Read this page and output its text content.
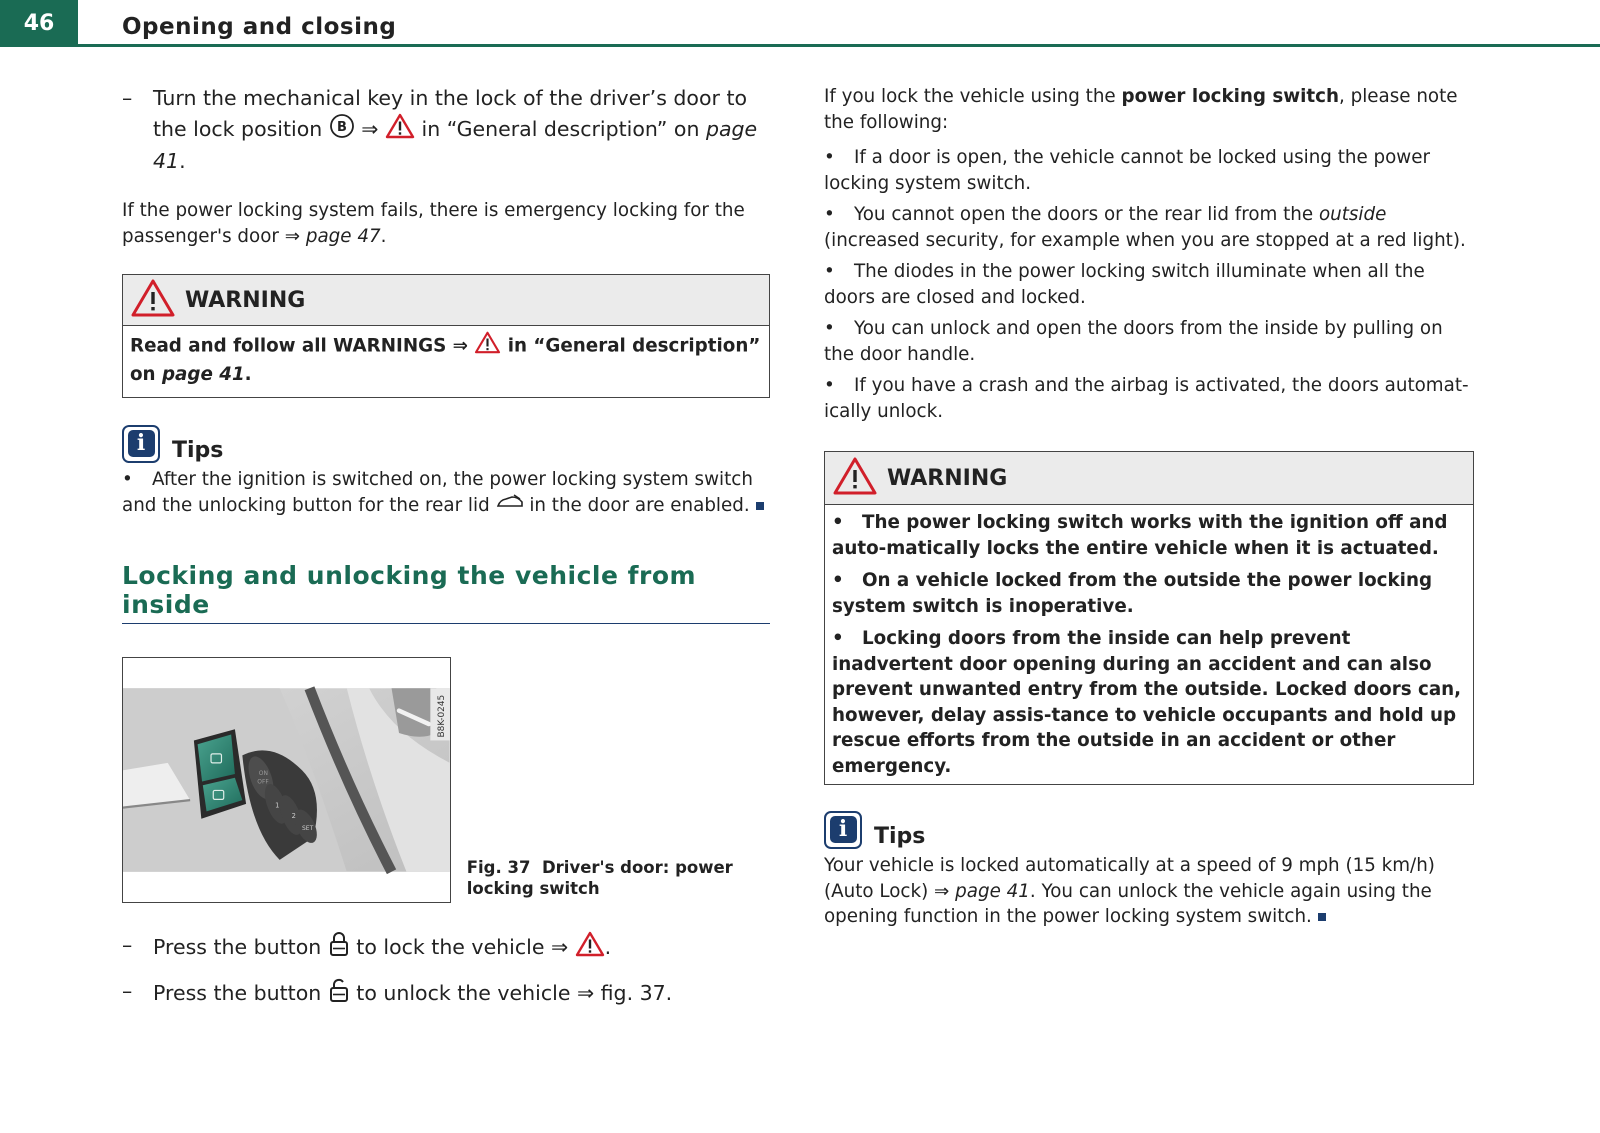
46	Opening and closing
– Turn the mechanical key in the lock of the driver’s door to the lock position B ⇒  in “General description” on page 41.
If the power locking system fails, there is emergency locking for the passenger's door ⇒ page 47.
WARNING

Read and follow all WARNINGS ⇒  in “General description” on page 41.

i	Tips
• After the ignition is switched on, the power locking system switch and the unlocking button for the rear lid  in the door are enabled.
Locking and unlocking the vehicle from inside
ON
OFF
1
2
SET
B8K-0245
Fig. 37 Driver's door: power locking switch
– Press the button  to lock the vehicle ⇒ .
– Press the button  to unlock the vehicle ⇒ fig. 37.
If you lock the vehicle using the power locking switch, please note the following:
• If a door is open, the vehicle cannot be locked using the power locking system switch.
• You cannot open the doors or the rear lid from the outside (increased security, for example when you are stopped at a red light).
• The diodes in the power locking switch illuminate when all the doors are closed and locked.
• You can unlock and open the doors from the inside by pulling on the door handle.
• If you have a crash and the airbag is activated, the doors automat-ically unlock.
WARNING

• The power locking switch works with the ignition off and auto-matically locks the entire vehicle when it is actuated.

• On a vehicle locked from the outside the power locking system switch is inoperative.

• Locking doors from the inside can help prevent inadvertent door opening during an accident and can also prevent unwanted entry from the outside. Locked doors can, however, delay assis-tance to vehicle occupants and hold up rescue efforts from the outside in an accident or other emergency.

i	Tips
Your vehicle is locked automatically at a speed of 9 mph (15 km/h) (Auto Lock) ⇒ page 41. You can unlock the vehicle again using the opening function in the power locking system switch.
